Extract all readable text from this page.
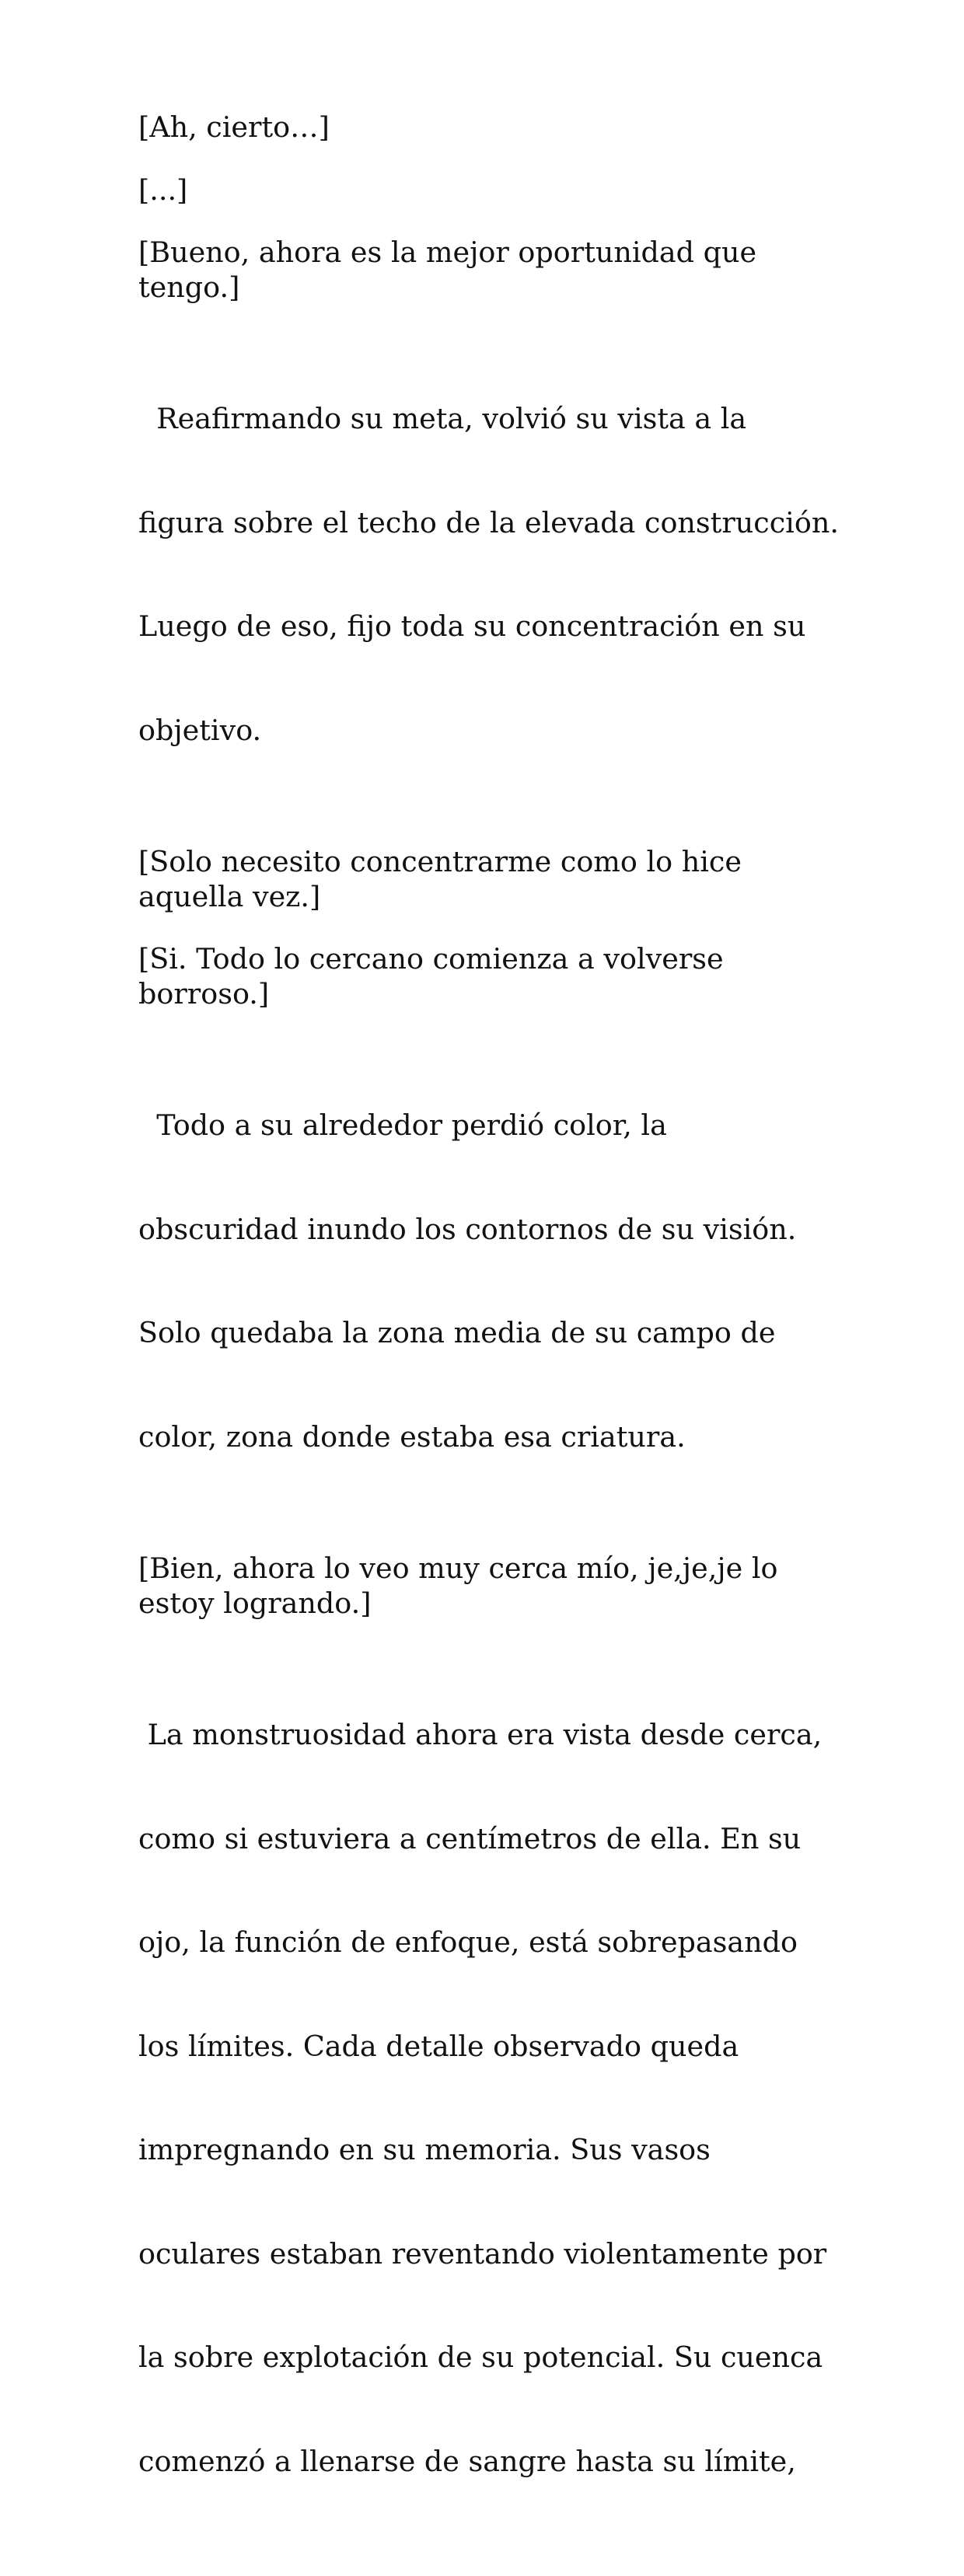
[Ah, cierto…]

[...]

[Bueno, ahora es la mejor oportunidad que
tengo.]

Reafirmando su meta, volvió su vista a la

figura sobre el techo de la elevada construcción.

Luego de eso, fijo toda su concentración en su

objetivo.

[Solo necesito concentrarme como lo hice
aquella vez.]

[Si. Todo lo cercano comienza a volverse
borroso.]

Todo a su alrededor perdió color, la

obscuridad inundo los contornos de su visión.

Solo quedaba la zona media de su campo de

color, zona donde estaba esa criatura.

[Bien, ahora lo veo muy cerca mío, je,je,je lo
estoy logrando.]

La monstruosidad ahora era vista desde cerca,

como si estuviera a centímetros de ella. En su

ojo, la función de enfoque, está sobrepasando

los límites. Cada detalle observado queda

impregnando en su memoria. Sus vasos

oculares estaban reventando violentamente por

la sobre explotación de su potencial. Su cuenca

comenzó a llenarse de sangre hasta su límite,
